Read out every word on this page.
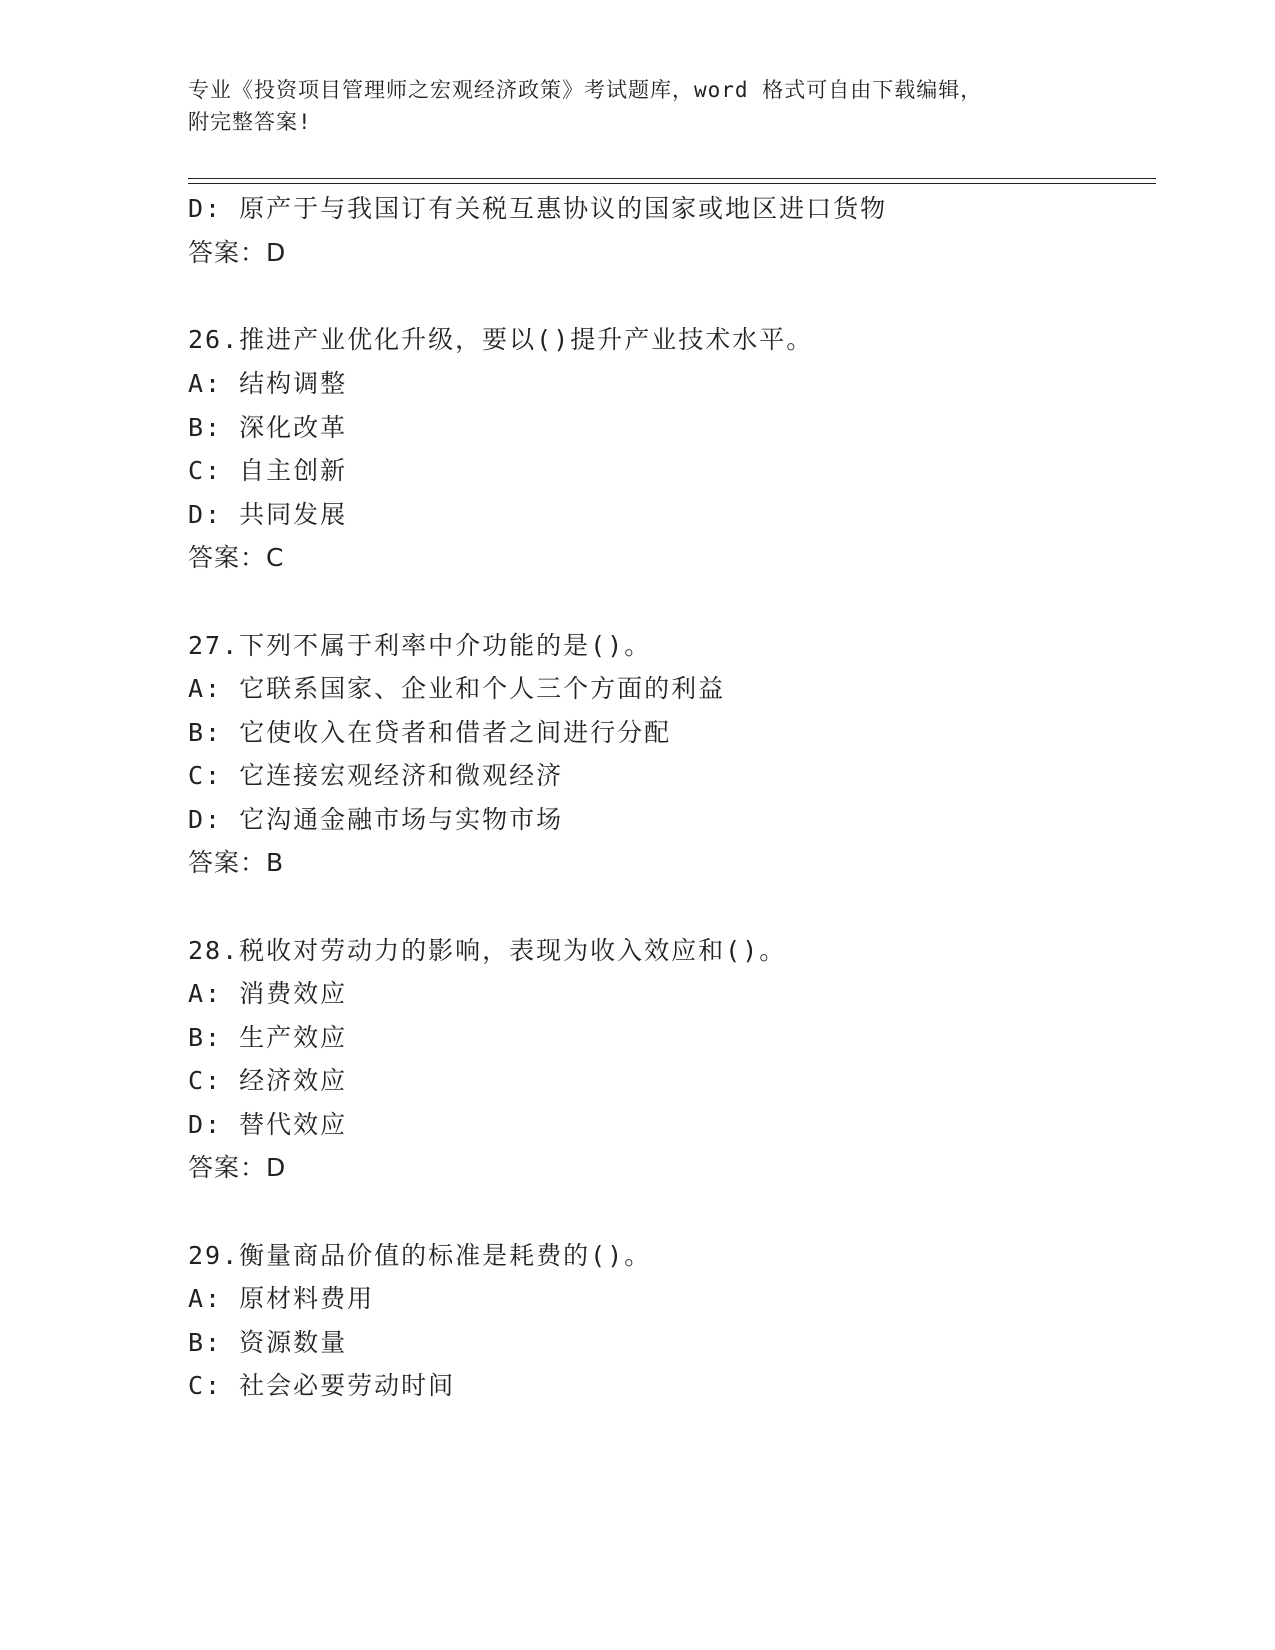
专业《投资项目管理师之宏观经济政策》考试题库，word 格式可自由下载编辑，
附完整答案!
D: 原产于与我国订有关税互惠协议的国家或地区进口货物
答案：D
26.推进产业优化升级，要以()提升产业技术水平。
A: 结构调整
B: 深化改革
C: 自主创新
D: 共同发展
答案：C
27.下列不属于利率中介功能的是()。
A: 它联系国家、企业和个人三个方面的利益
B: 它使收入在贷者和借者之间进行分配
C: 它连接宏观经济和微观经济
D: 它沟通金融市场与实物市场
答案：B
28.税收对劳动力的影响，表现为收入效应和()。
A: 消费效应
B: 生产效应
C: 经济效应
D: 替代效应
答案：D
29.衡量商品价值的标准是耗费的()。
A: 原材料费用
B: 资源数量
C: 社会必要劳动时间
